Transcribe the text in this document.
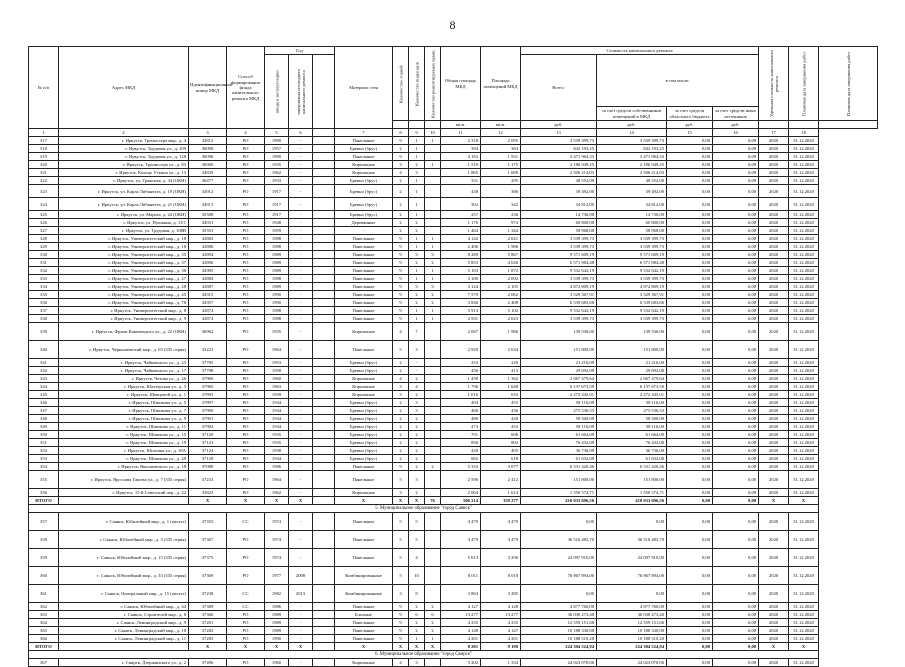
8
№ п/п	Адрес МКД	Идентификационный номер МКД	Способ формирования фонда капитального ремонта МКД	Год			Материал стен	Количество этажей	Количество подъездов	Количество ремонтируемых крыш	Общая площадь МКД	Площадь помещений МКД	Стоимость капитального ремонта				Удельная стоимость капитального ремонта	Плановая дата завершения работ	Плановая дата завершения работ
				ввода в эксплуатацию	завершения последнего капитального ремонта								Всего:	в том числе:					
														за счет средств собственников помещений в МКД	за счет средств областного бюджета	за счет средств иных источников			
											кв.м.	кв.м.	руб.	руб.	руб.	руб.			
1	2	3	4	5	6		7	8	9	10	11	12	13	14	15	16	17	18	
317	г. Иркутск, Трилиссера мкр., д. 4	32812	РО	1990	-		Панельные	9	1	1	2 318	2 095	3 539 399,73	3 539 399,73	0,00	0,00	2020	31.12.2020	
318	г. Иркутск, Трудовая ул., д. 109	36090	РО	1957	-		Бревно (брус)	2	1		394	363	842 193,25	842 193,25	0,00	0,00	2020	31.12.2020	
319	г. Иркутск, Трудовая ул., д. 128	36096	РО	1990	-		Панельные	9	1		4 163	1 931	3 471 964,33	3 471 964,33	0,00	0,00	2020	31.12.2020	
320	г. Иркутск, Трилиссера ул., д. 83	36906	РО	1935	-		Кирпичные	3	2	1	1 519	1 175	2 186 949,25	2 186 949,25	0,00	0,00	2020	31.12.2020	
321	г. Иркутск, Кольцо Уткина ул., д. 13	34839	РО	1962	-		Кирпичные	4	3		1 865	1 689	2 506 214,03	2 506 214,03	0,00	0,00	2020	31.12.2020	
322	г. Иркутск, ул. Гражская, д. 34 (ОКН)	36477	РО	1933	-		Бревно (брус)	2	1		331	295	48 552,00	48 552,00	0,00	0,00	2020	31.12.2020	
323	г. Иркутск, ул. Карла Либкнехта, д. 19 (ОКН)	34912	РО	1917	-		Бревно (брус)	2	1		438	386	39 492,00	39 492,00	0,00	0,00	2020	31.12.2020	
324	г. Иркутск, ул. Карла Либкнехта, д. 21 (ОКН)	34913	РО	1917	-		Бревно (брус)	2	1		302	342	34 812,00	34 812,00	0,00	0,00	2020	31.12.2020	
325	г. Иркутск, ул. Марата, д. 24 (ОКН)	35588	РО	1917	-		Бревно (брус)	2	1		257	236	14 736,00	14 736,00	0,00	0,00	2020	31.12.2020	
326	г. Иркутск, ул. Пушкина, д. 13/1	34931	РО	1948	-		Деревянные	2	2		1 176	974	60 800,00	60 800,00	0,00	0,00	2020	31.12.2020	
327	г. Иркутск, ул. Трудовая, д. 108В	35353	РО	1959	-		-	2	2		1 464	1 344	58 968,00	58 968,00	0,00	0,00	2020	31.12.2020	
328	г. Иркутск, Университетский мкр., д. 18	32882	РО	1988	-		Панельные	9	1	1	4 142	2 021	3 539 399,73	3 539 399,73	0,00	0,00	2020	31.12.2020	
329	г. Иркутск, Университетский мкр., д. 16	32886	РО	1988	-		Панельные	9	1	1	2 406	1 986	3 539 399,73	3 539 399,73	0,00	0,00	2020	31.12.2020	
330	г. Иркутск, Университетский мкр., д. 35	32894	РО	1989	-		Панельные	9	3	3	8 269	5 867	9 571 609,19	9 571 609,19	0,00	0,00	2020	31.12.2020	
331	г. Иркутск, Университетский мкр., д. 37	32896	РО	1989	-		Панельные	9	2	2	5 853	4 026	6 571 984,48	6 571 984,48	0,00	0,00	2020	31.12.2020	
332	г. Иркутск, Университетский мкр., д. 36	32905	РО	1989	-		Панельные	9	1	1	5 103	1 872	9 532 642,19	9 532 642,19	0,00	0,00	2020	31.12.2020	
333	г. Иркутск, Университетский мкр., д. 27	32884	РО	1988	-		Панельные	9	1	1	3 100	2 092	3 539 399,73	3 539 399,73	0,00	0,00	2020	31.12.2020	
334	г. Иркутск, Университетский мкр., д. 28	32887	РО	1989	-		Панельные	9	3	3	3 124	2 105	4 872 809,19	4 872 809,19	0,00	0,00	2020	31.12.2020	
335	г. Иркутск, Университетский мкр., д. 45	32915	РО	1990	-		Панельные	9	2	2	7 579	2 062	3 529 367,91	3 529 367,91	0,00	0,00	2020	31.12.2020	
336	г. Иркутск, Университетский мкр., д. 76	32957	РО	1990	-		Панельные	9	2	2	3 846	2 408	6 539 683,66	6 539 683,66	0,00	0,00	2020	31.12.2020	
337	г. Иркутск, Университетский мкр., д. 8	32872	РО	1988	-		Панельные	9	1	1	5 913	5 102	9 532 642,19	9 532 642,19	0,00	0,00	2020	31.12.2020	
338	г. Иркутск, Университетский мкр., д. 9	32874	РО	1988	-		Панельные	9	1	1	2 931	2 023	3 539 399,73	3 539 399,73	0,00	0,00	2020	31.12.2020	
339	г. Иркутск, Франк-Каменецкого ул., д. 22 (ОКН)	36962	РО	1935	-		Кирпичные	4	7		2 067	1 986	139 536,00	139 536,00	0,00	0,00	2020	31.12.2020	
340	г. Иркутск, Чернышевский мкр., д. 05 (335 серия)	33223	РО	1964	-		Панельные	5	3		2 920	2 634	151 800,00	151 800,00	0,00	0,00	2020	31.12.2020	
341	г. Иркутск, Чайковского ул., д. 23	37705	РО	1953	-		Бревно (брус)	2	-		253	226	21 216,00	21 216,00	0,00	0,00	2020	31.12.2020	
342	г. Иркутск, Чайковского ул., д. 17	37708	РО	1958	-		Бревно (брус)	2	-		456	413	29 692,00	29 692,00	0,00	0,00	2020	31.12.2020	
343	г. Иркутск, Чехова ул., д. 26	37960	РО	1960	-		Кирпичные	4	2		1 458	1 362	2 667 479,64	2 667 479,64	0,00	0,00	2020	31.12.2020	
344	г. Иркутск, Шахтерская ул., д. 3	37965	РО	1963	-		Кирпичные	3	4		1 796	1 648	6 137 673,50	6 137 673,50	0,00	0,00	2020	31.12.2020	
345	г. Иркутск, Шевцовой ул., д. 1	37893	РО	1939	-		Кирпичные	3	2		1 016	633	2 272 345,01	2 272 345,01	0,00	0,00	2020	31.12.2020	
346	г. Иркутск, Шишкова ул., д. 5	37897	РО	1934	-		Бревно (брус)	2	3		494	455	58 116,00	58 116,00	0,00	0,00	2020	31.12.2020	
347	г. Иркутск, Шишкова ул., д. 7	37900	РО	1934	-		Бревно (брус)	2	3		466	436	275 536,53	275 536,53	0,00	0,00	2020	31.12.2020	
348	г. Иркутск, Шишкова ул., д. 9	37901	РО	1934	-		Бревно (брус)	2	2		480	440	58 500,00	58 500,00	0,00	0,00	2020	31.12.2020	
349	г. Иркутск, Шишкова ул., д. 11	37902	РО	1934	-		Бревно (брус)	2	2		473	433	58 116,00	58 116,00	0,00	0,00	2020	31.12.2020	
350	г. Иркутск, Шишкова ул., д. 15	37120	РО	1935	-		Бревно (брус)	2	2		701	606	61 664,00	61 664,00	0,00	0,00	2020	31.12.2020	
351	г. Иркутск, Шишкова ул., д. 19	37123	РО	1935	-		Бревно (брус)	2	2		856	802	76 432,00	76 432,00	0,00	0,00	2020	31.12.2020	
352	г. Иркутск, Шпагина ул., д. 18А	37124	РО	1938	-		Бревно (брус)	2	2		440	405	36 736,00	36 736,00	0,00	0,00	2020	31.12.2020	
353	г. Иркутск, Шишкова ул., д. 20	37128	РО	1934	-		Бревно (брус)	2	2		682	618	61 632,00	61 632,00	0,00	0,00	2020	31.12.2020	
354	г. Иркутск, Якоошевского ул., д. 18	37088	РО	1986	-		Панельные	9	2	2	5 333	3 077	6 531 420,46	6 531 420,46	0,00	0,00	2020	31.12.2020	
355	г. Иркутск, Ярослава Гашека ул., д. 7 (335 серия)	37233	РО	1964	-		Панельные	5	3		2 596	2 412	151 800,00	151 800,00	0,00	0,00	2020	31.12.2020	
356	г. Иркутск, 15-й Советский пер., д. 22	33823	РО	1962	-		Кирпичные	3	2		2 064	1 614	1 550 574,71	1 550 574,71	0,00	0,00	2020	31.12.2020	
ИТОГО		X	X	X	X		X	X	X	76	506 214	359 277	410 033 696,56	410 033 696,56	0,00	0,00	X	X	
5. Муниципальное образование "город Саянск"																			
357	г. Саянск, Юбилейный мкр., д. 1 (апсахт)	37355	СС	1974	-		Панельные	5	5		4 479	4 479	0,00	0,00	0,00	0,00	2020	31.12.2020	
358	г. Саянск, Юбилейный мкр., д. 3 (335 серия)	37367	РО	1974	-		Панельные	5	5		4 479	4 479	36 516 483,70	36 516 483,70	0,00	0,00	2020	31.12.2020	
359	г. Саянск, Юбилейный мкр., д. 15 (335 серия)	37375	РО	1974	-		Панельные	5	4		5 613	3 296	24 097 910,00	24 097 910,00	0,00	0,00	2020	31.12.2020	
360	г. Саянск, Юбилейный мкр., д. 33 (335 серия)	37369	РО	1977	2008		Комбинированные	5	10		8 011	8 010	76 867 894,00	76 867 894,00	0,00	0,00	2020	31.12.2020	
361	г. Саянск, Центральный мкр., д. 15 (апсахт)	37238	СС	1982	2013		Комбинированные	3	8		3 863	3 285	0,00	0,00	0,00	0,00	2020	31.12.2020	
362	г. Саянск, Юбилейный мкр., д. 44	37389	СС	1986	-		Панельные	9	2	2	4 127	4 128	4 877 760,00	4 877 760,00	0,00	0,00	2020	31.12.2020	
363	г. Саянск, Строителей мкр., д. 6	37360	РО	1989	-		Блочные	9	6	6	13 277	13 277	36 030 273,40	36 030 273,40	0,00	0,00	2020	31.12.2020	
364	г. Саянск, Ленинградский мкр., д. 9	37281	РО	1989	-		Панельные	9	2	2	4 235	4 235	12 559 151,66	12 559 151,66	0,00	0,00	2020	31.12.2020	
365	г. Саянск, Ленинградский мкр., д. 10	37282	РО	1989	-		Панельные	9	2	2	4 148	4 147	10 188 330,00	10 188 330,00	0,00	0,00	2020	31.12.2020	
366	г. Саянск, Ленинградский мкр., д. 11	37283	РО	1990	-		Панельные	9	1	1	4 201	4 201	10 188 510,20	10 188 510,20	0,00	0,00	2020	31.12.2020	
ИТОГО		X	X	X	X		X	X	X	X	8 201	9 198	224 304 524,94	224 304 524,94	0,00	0,00	X	X	
6. Муниципальное образование "город Свирск"																			
367	г. Свирск, Дзержинского ул., д. 2	37496	РО	1960	-		Кирпичные	4	3		3 202	1 334	24 023 070,06	24 023 070,06	0,00	0,00	2020	31.12.2020	
